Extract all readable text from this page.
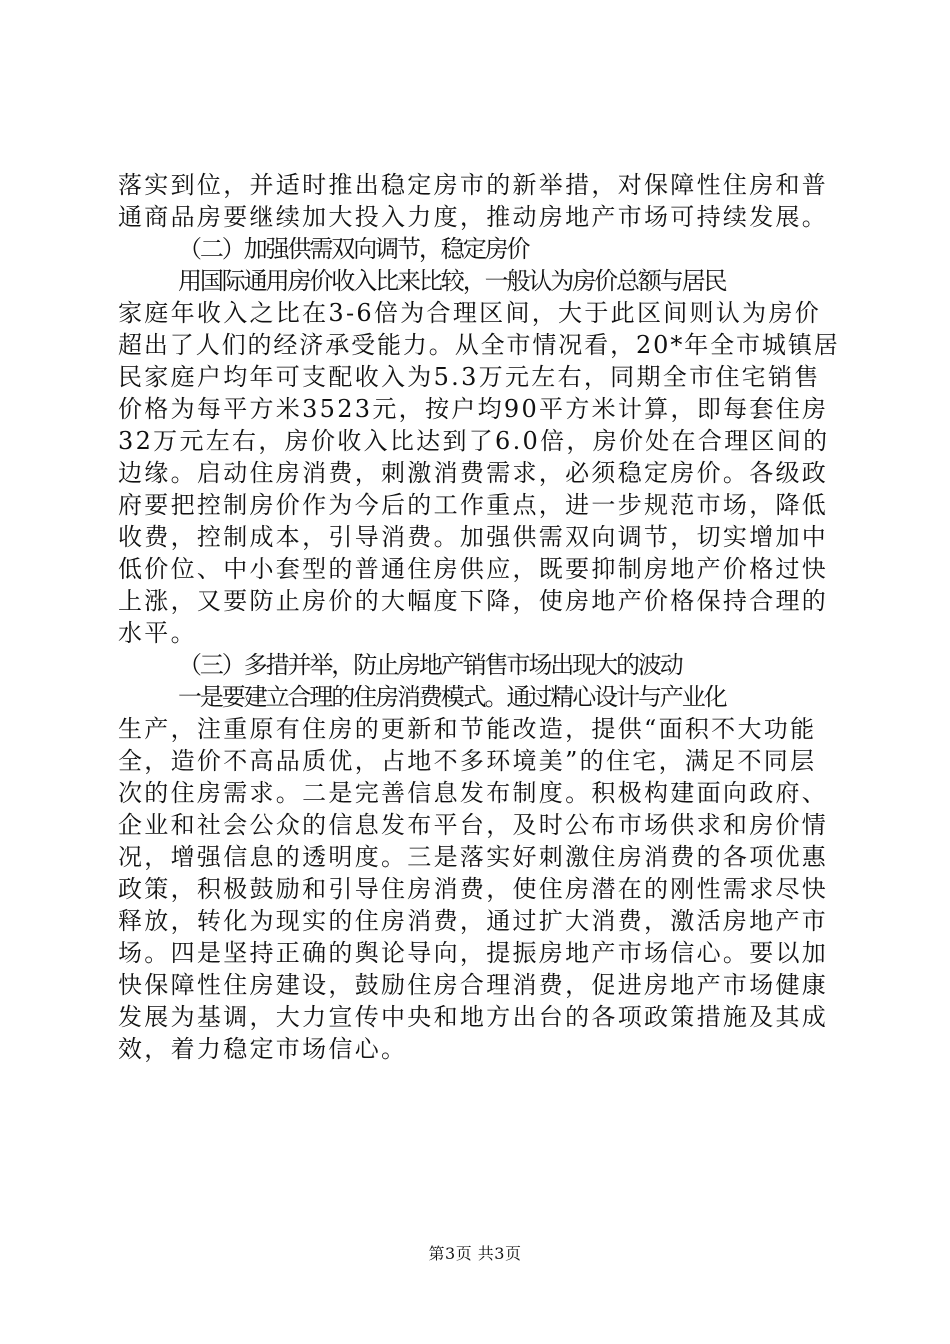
落实到位，并适时推出稳定房市的新举措，对保障性住房和普
通商品房要继续加大投入力度，推动房地产市场可持续发展。
（二）加强供需双向调节，稳定房价
用国际通用房价收入比来比较，一般认为房价总额与居民
家庭年收入之比在3-6倍为合理区间，大于此区间则认为房价
超出了人们的经济承受能力。从全市情况看，20*年全市城镇居
民家庭户均年可支配收入为5.3万元左右，同期全市住宅销售
价格为每平方米3523元，按户均90平方米计算，即每套住房
32万元左右，房价收入比达到了6.0倍，房价处在合理区间的
边缘。启动住房消费，刺激消费需求，必须稳定房价。各级政
府要把控制房价作为今后的工作重点，进一步规范市场，降低
收费，控制成本，引导消费。加强供需双向调节，切实增加中
低价位、中小套型的普通住房供应，既要抑制房地产价格过快
上涨，又要防止房价的大幅度下降，使房地产价格保持合理的
水平。
（三）多措并举，防止房地产销售市场出现大的波动
一是要建立合理的住房消费模式。通过精心设计与产业化
生产，注重原有住房的更新和节能改造，提供“面积不大功能
全，造价不高品质优，占地不多环境美”的住宅，满足不同层
次的住房需求。二是完善信息发布制度。积极构建面向政府、
企业和社会公众的信息发布平台，及时公布市场供求和房价情
况，增强信息的透明度。三是落实好刺激住房消费的各项优惠
政策，积极鼓励和引导住房消费，使住房潜在的刚性需求尽快
释放，转化为现实的住房消费，通过扩大消费，激活房地产市
场。四是坚持正确的舆论导向，提振房地产市场信心。要以加
快保障性住房建设，鼓励住房合理消费，促进房地产市场健康
发展为基调，大力宣传中央和地方出台的各项政策措施及其成
效，着力稳定市场信心。
第3页 共3页
